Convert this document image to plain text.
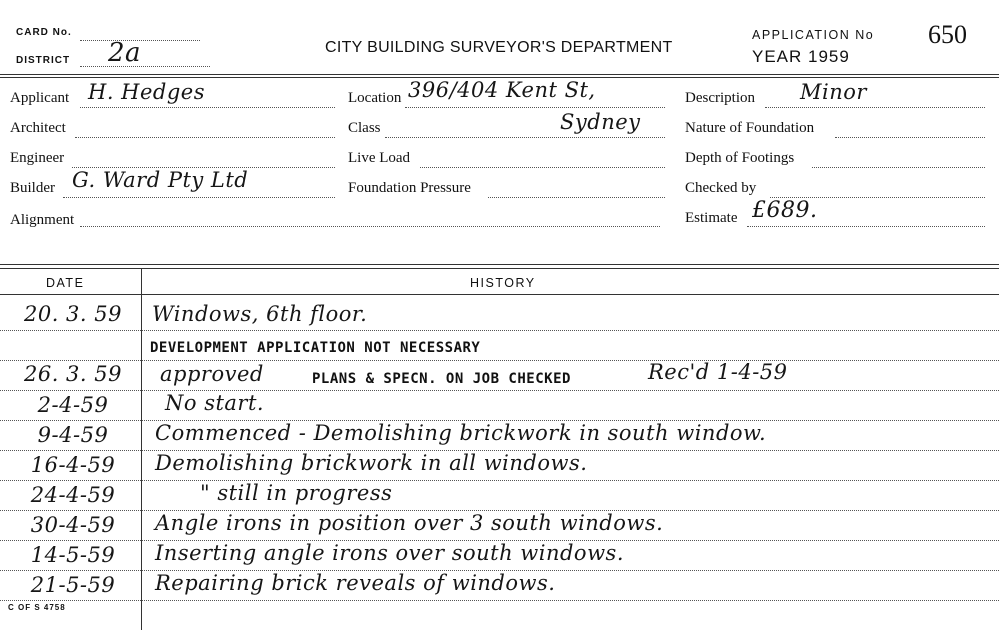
CARD No.
DISTRICT 2a	CITY BUILDING SURVEYOR'S DEPARTMENT
APPLICATION No
YEAR 1959
650
Applicant H. Hedges
Architect
Engineer
Builder G. Ward Pty Ltd
Alignment
Location 396/404 Kent St,
Class	Sydney
Live Load
Foundation Pressure
Description Minor
Nature of Foundation
Depth of Footings
Checked by
Estimate £689.
DATE	HISTORY
20. 3. 59	Windows, 6th floor.
DEVELOPMENT APPLICATION NOT NECESSARY
26. 3. 59	approved	PLANS & SPECN. ON JOB CHECKED	Rec'd 1-4-59
2-4-59	No start.
9-4-59	Commenced - Demolishing brickwork in south window.
16-4-59	Demolishing brickwork in all windows.
24-4-59	" still in progress
30-4-59	Angle irons in position over 3 south windows.
14-5-59	Inserting angle irons over south windows.
21-5-59	Repairing brick reveals of windows.
C OF S 4758
